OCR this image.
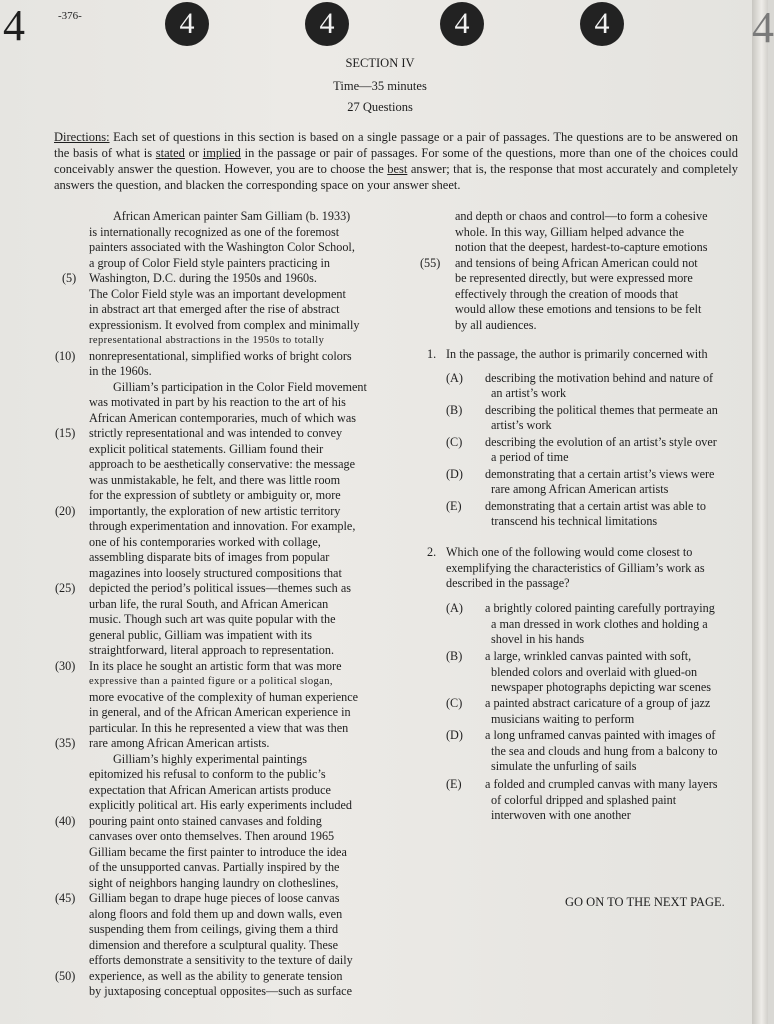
4	-376-	4	4	4	4
SECTION IV
Time—35 minutes
27 Questions

Directions: Each set of questions in this section is based on a single passage or a pair of passages. The questions are to be answered on the basis of what is stated or implied in the passage or pair of passages. For some of the questions, more than one of the choices could conceivably answer the question. However, you are to choose the best answer; that is, the response that most accurately and completely answers the question, and blacken the corresponding space on your answer sheet.

African American painter Sam Gilliam (b. 1933)
is internationally recognized as one of the foremost
painters associated with the Washington Color School,
a group of Color Field style painters practicing in
Washington, D.C. during the 1950s and 1960s.
The Color Field style was an important development
in abstract art that emerged after the rise of abstract
expressionism. It evolved from complex and minimally
representational abstractions in the 1950s to totally
nonrepresentational, simplified works of bright colors
in the 1960s.
Gilliam’s participation in the Color Field movement
was motivated in part by his reaction to the art of his
African American contemporaries, much of which was
strictly representational and was intended to convey
explicit political statements. Gilliam found their
approach to be aesthetically conservative: the message
was unmistakable, he felt, and there was little room
for the expression of subtlety or ambiguity or, more
importantly, the exploration of new artistic territory
through experimentation and innovation. For example,
one of his contemporaries worked with collage,
assembling disparate bits of images from popular
magazines into loosely structured compositions that
depicted the period’s political issues—themes such as
urban life, the rural South, and African American
music. Though such art was quite popular with the
general public, Gilliam was impatient with its
straightforward, literal approach to representation.
In its place he sought an artistic form that was more
expressive than a painted figure or a political slogan,
more evocative of the complexity of human experience
in general, and of the African American experience in
particular. In this he represented a view that was then
rare among African American artists.
Gilliam’s highly experimental paintings
epitomized his refusal to conform to the public’s
expectation that African American artists produce
explicitly political art. His early experiments included
pouring paint onto stained canvases and folding
canvases over onto themselves. Then around 1965
Gilliam became the first painter to introduce the idea
of the unsupported canvas. Partially inspired by the
sight of neighbors hanging laundry on clotheslines,
Gilliam began to drape huge pieces of loose canvas
along floors and fold them up and down walls, even
suspending them from ceilings, giving them a third
dimension and therefore a sculptural quality. These
efforts demonstrate a sensitivity to the texture of daily
experience, as well as the ability to generate tension
by juxtaposing conceptual opposites—such as surface
(5)
(10)
(15)
(20)
(25)
(30)
(35)
(40)
(45)
(50)
(55)
and depth or chaos and control—to form a cohesive
whole. In this way, Gilliam helped advance the
notion that the deepest, hardest-to-capture emotions
and tensions of being African American could not
be represented directly, but were expressed more
effectively through the creation of moods that
would allow these emotions and tensions to be felt
by all audiences.
1. In the passage, the author is primarily concerned with
(A) describing the motivation behind and nature of
an artist’s work
(B) describing the political themes that permeate an
artist’s work
(C) describing the evolution of an artist’s style over
a period of time
(D) demonstrating that a certain artist’s views were
rare among African American artists
(E) demonstrating that a certain artist was able to
transcend his technical limitations
2. Which one of the following would come closest to
exemplifying the characteristics of Gilliam’s work as
described in the passage?
(A) a brightly colored painting carefully portraying
a man dressed in work clothes and holding a
shovel in his hands
(B) a large, wrinkled canvas painted with soft,
blended colors and overlaid with glued-on
newspaper photographs depicting war scenes
(C) a painted abstract caricature of a group of jazz
musicians waiting to perform
(D) a long unframed canvas painted with images of
the sea and clouds and hung from a balcony to
simulate the unfurling of sails
(E) a folded and crumpled canvas with many layers
of colorful dripped and splashed paint
interwoven with one another
GO ON TO THE NEXT PAGE.
4
